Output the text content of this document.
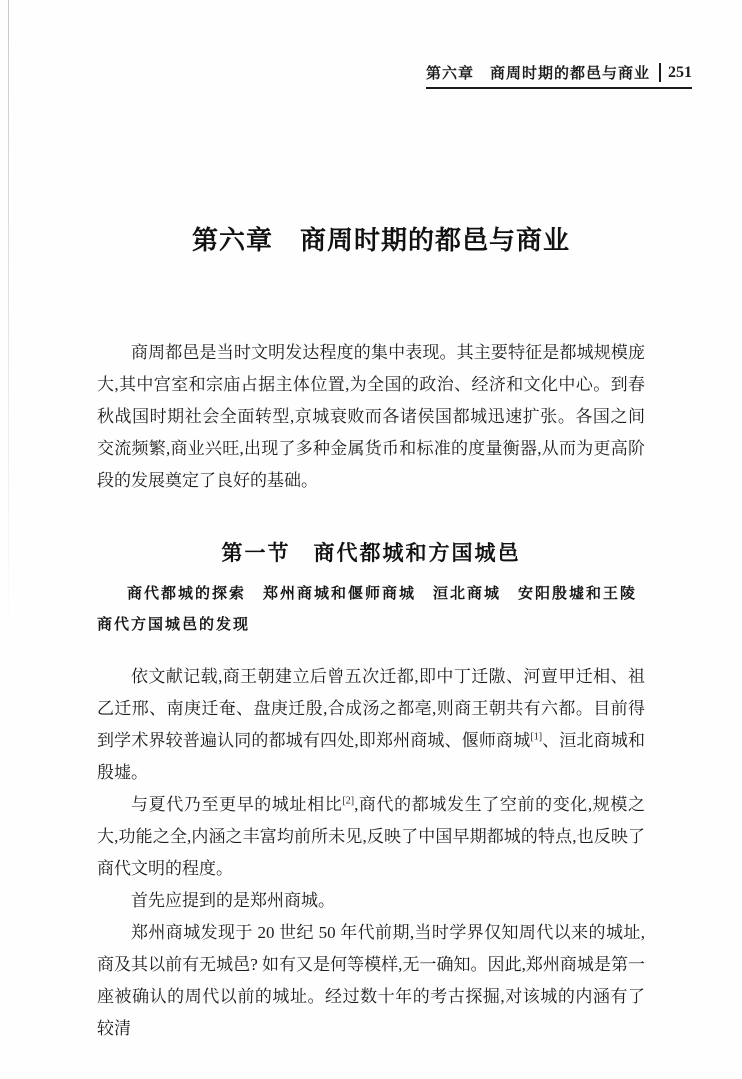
第六章　商周时期的都邑与商业 251
第六章　商周时期的都邑与商业

商周都邑是当时文明发达程度的集中表现。其主要特征是都城规模庞大,其中宫室和宗庙占据主体位置,为全国的政治、经济和文化中心。到春秋战国时期社会全面转型,京城衰败而各诸侯国都城迅速扩张。各国之间交流频繁,商业兴旺,出现了多种金属货币和标准的度量衡器,从而为更高阶段的发展奠定了良好的基础。

第一节　商代都城和方国城邑
商代都城的探索　郑州商城和偃师商城　洹北商城　安阳殷墟和王陵
商代方国城邑的发现

依文献记载,商王朝建立后曾五次迁都,即中丁迁隞、河亶甲迁相、祖乙迁邢、南庚迁奄、盘庚迁殷,合成汤之都亳,则商王朝共有六都。目前得到学术界较普遍认同的都城有四处,即郑州商城、偃师商城[1]、洹北商城和殷墟。

与夏代乃至更早的城址相比[2],商代的都城发生了空前的变化,规模之大,功能之全,内涵之丰富均前所未见,反映了中国早期都城的特点,也反映了商代文明的程度。

首先应提到的是郑州商城。

郑州商城发现于 20 世纪 50 年代前期,当时学界仅知周代以来的城址,商及其以前有无城邑? 如有又是何等模样,无一确知。因此,郑州商城是第一座被确认的周代以前的城址。经过数十年的考古探掘,对该城的内涵有了较清
